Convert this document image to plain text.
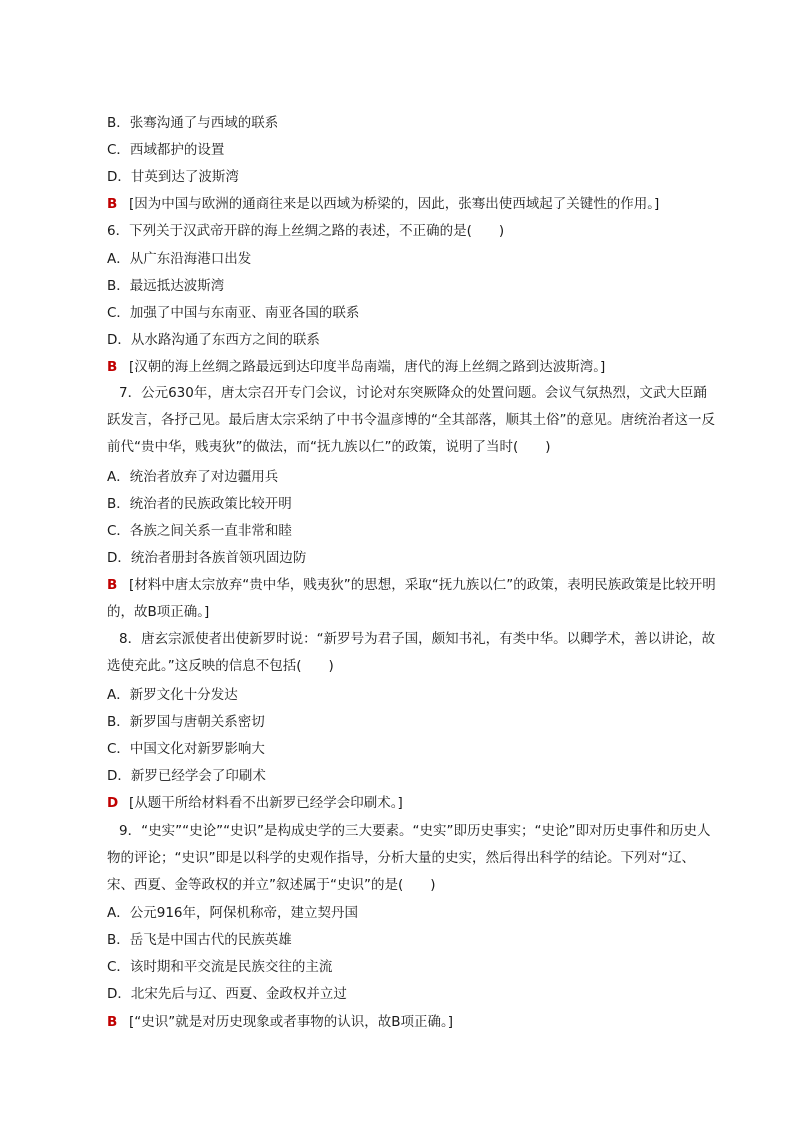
B．张骞沟通了与西域的联系
C．西域都护的设置
D．甘英到达了波斯湾
B [因为中国与欧洲的通商往来是以西域为桥梁的，因此，张骞出使西域起了关键性的作用。]
6．下列关于汉武帝开辟的海上丝绸之路的表述，不正确的是(　　)
A．从广东沿海港口出发
B．最远抵达波斯湾
C．加强了中国与东南亚、南亚各国的联系
D．从水路沟通了东西方之间的联系
B [汉朝的海上丝绸之路最远到达印度半岛南端，唐代的海上丝绸之路到达波斯湾。]
7．公元630年，唐太宗召开专门会议，讨论对东突厥降众的处置问题。会议气氛热烈，文武大臣踊跃发言，各抒己见。最后唐太宗采纳了中书令温彦博的“全其部落，顺其土俗”的意见。唐统治者这一反前代“贵中华，贱夷狄”的做法，而“抚九族以仁”的政策，说明了当时(　　)
A．统治者放弃了对边疆用兵
B．统治者的民族政策比较开明
C．各族之间关系一直非常和睦
D．统治者册封各族首领巩固边防
B [材料中唐太宗放弃“贵中华，贱夷狄”的思想，采取“抚九族以仁”的政策，表明民族政策是比较开明的，故B项正确。]
8．唐玄宗派使者出使新罗时说：“新罗号为君子国，颇知书礼，有类中华。以卿学术，善以讲论，故选使充此。”这反映的信息不包括(　　)
A．新罗文化十分发达
B．新罗国与唐朝关系密切
C．中国文化对新罗影响大
D．新罗已经学会了印刷术
D [从题干所给材料看不出新罗已经学会印刷术。]
9．“史实”“史论”“史识”是构成史学的三大要素。“史实”即历史事实；“史论”即对历史事件和历史人物的评论；“史识”即是以科学的史观作指导，分析大量的史实，然后得出科学的结论。下列对“辽、宋、西夏、金等政权的并立”叙述属于“史识”的是(　　)
A．公元916年，阿保机称帝，建立契丹国
B．岳飞是中国古代的民族英雄
C．该时期和平交流是民族交往的主流
D．北宋先后与辽、西夏、金政权并立过
B [“史识”就是对历史现象或者事物的认识，故B项正确。]
